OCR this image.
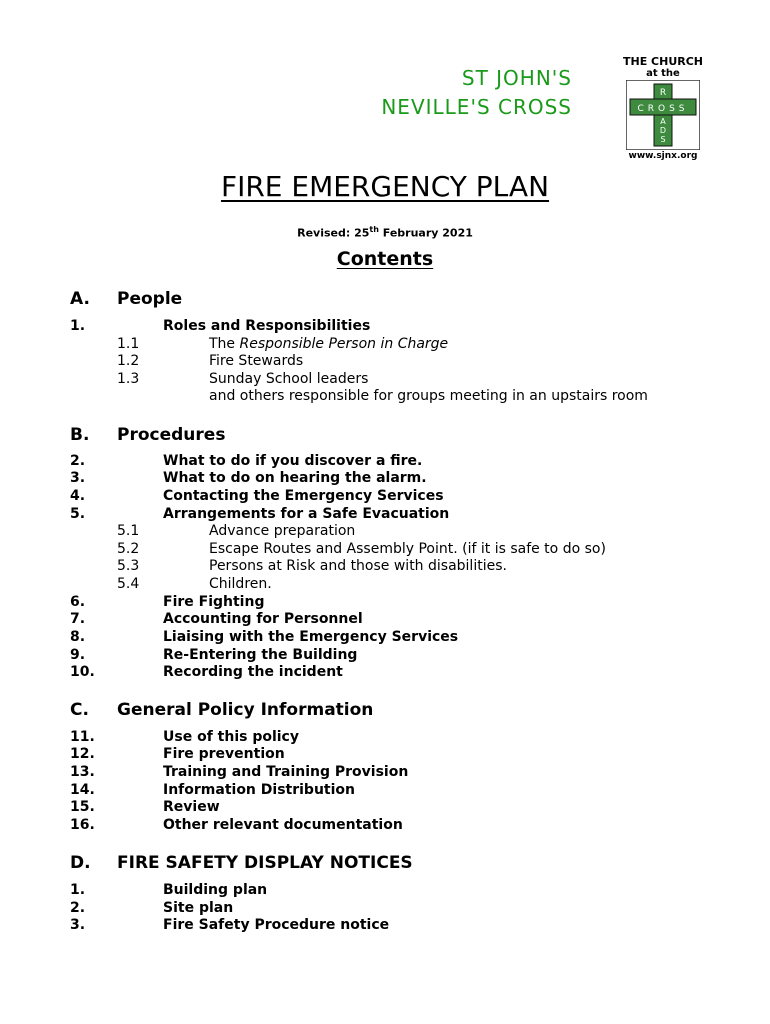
ST JOHN'S
NEVILLE'S CROSS
THE CHURCH
at the
R
CROSS
A
D
S
www.sjnx.org
FIRE EMERGENCY PLAN
Revised: 25th February 2021
Contents
A. People
1.	Roles and Responsibilities
1.1	The Responsible Person in Charge
1.2	Fire Stewards
1.3	Sunday School leaders
and others responsible for groups meeting in an upstairs room
B. Procedures
2.	What to do if you discover a fire.
3.	What to do on hearing the alarm.
4.	Contacting the Emergency Services
5.	Arrangements for a Safe Evacuation
5.1	Advance preparation
5.2	Escape Routes and Assembly Point. (if it is safe to do so)
5.3	Persons at Risk and those with disabilities.
5.4	Children.
6.	Fire Fighting
7.	Accounting for Personnel
8.	Liaising with the Emergency Services
9.	Re-Entering the Building
10.	Recording the incident
C. General Policy Information
11.	Use of this policy
12.	Fire prevention
13.	Training and Training Provision
14.	Information Distribution
15.	Review
16.	Other relevant documentation
D. FIRE SAFETY DISPLAY NOTICES
1.	Building plan
2.	Site plan
3.	Fire Safety Procedure notice
